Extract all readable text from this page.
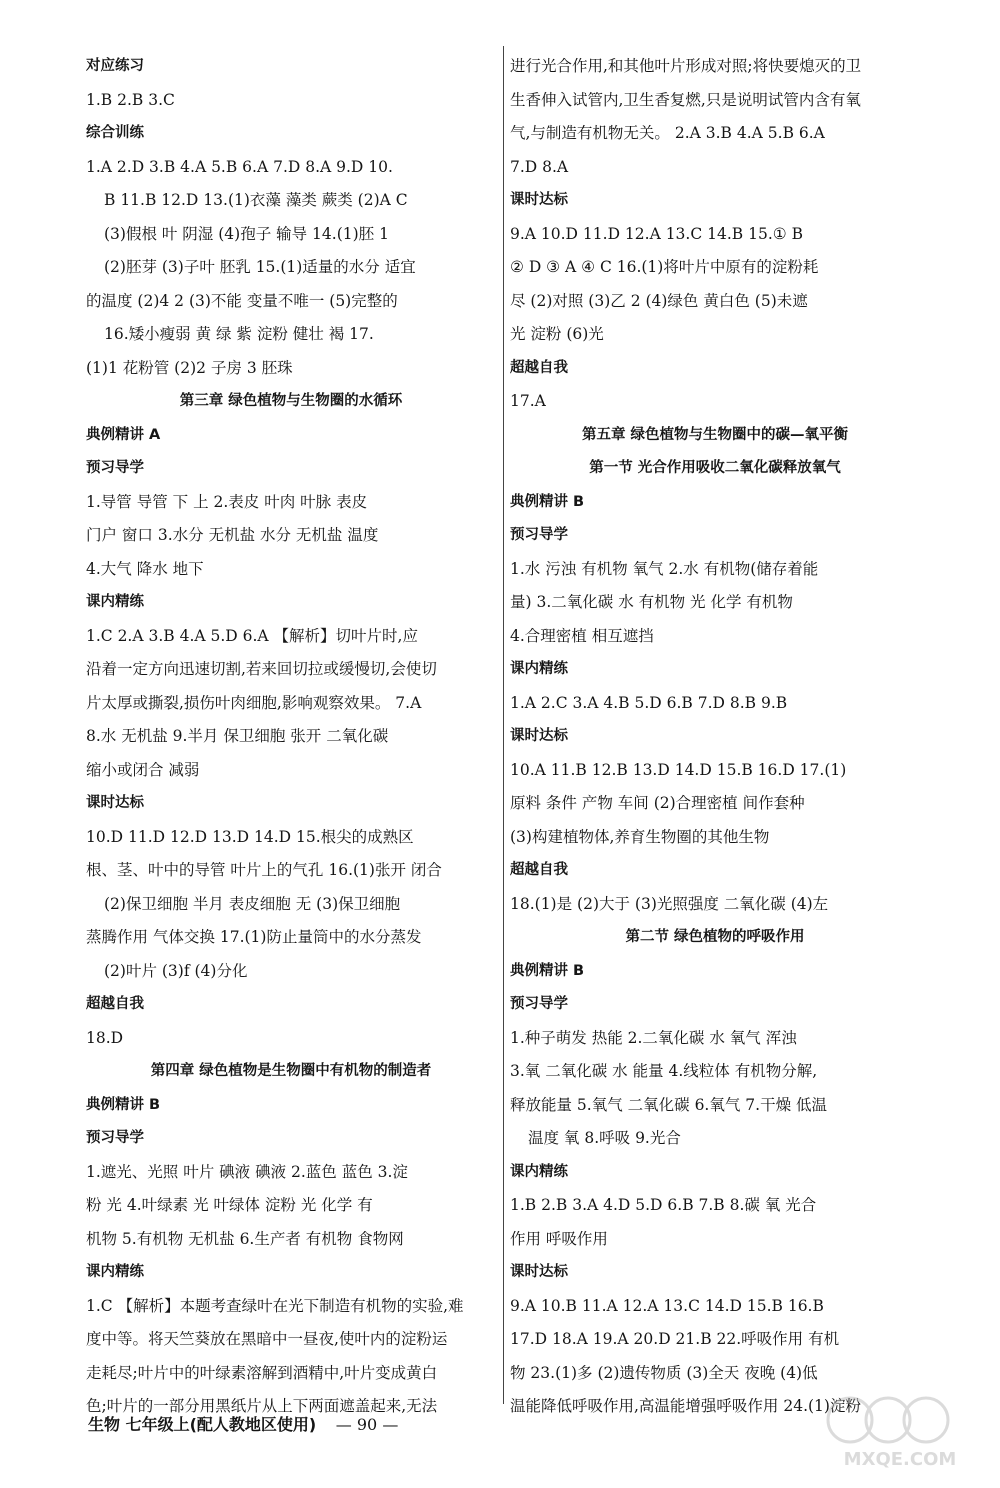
对应练习
1.B 2.B 3.C
综合训练
1.A 2.D 3.B 4.A 5.B 6.A 7.D 8.A 9.D 10.
B 11.B 12.D 13.(1)衣藻 藻类 蕨类 (2)A C
(3)假根 叶 阴湿 (4)孢子 输导 14.(1)胚 1
(2)胚芽 (3)子叶 胚乳 15.(1)适量的水分 适宜
的温度 (2)4 2 (3)不能 变量不唯一 (5)完整的
16.矮小瘦弱 黄 绿 紫 淀粉 健壮 褐 17.
(1)1 花粉管 (2)2 子房 3 胚珠
第三章 绿色植物与生物圈的水循环
典例精讲 A
预习导学
1.导管 导管 下 上 2.表皮 叶肉 叶脉 表皮
门户 窗口 3.水分 无机盐 水分 无机盐 温度
4.大气 降水 地下
课内精练
1.C 2.A 3.B 4.A 5.D 6.A 【解析】切叶片时,应
沿着一定方向迅速切割,若来回切拉或缓慢切,会使切
片太厚或撕裂,损伤叶肉细胞,影响观察效果。 7.A
8.水 无机盐 9.半月 保卫细胞 张开 二氧化碳
缩小或闭合 减弱
课时达标
10.D 11.D 12.D 13.D 14.D 15.根尖的成熟区
根、茎、叶中的导管 叶片上的气孔 16.(1)张开 闭合
(2)保卫细胞 半月 表皮细胞 无 (3)保卫细胞
蒸腾作用 气体交换 17.(1)防止量筒中的水分蒸发
(2)叶片 (3)f (4)分化
超越自我
18.D
第四章 绿色植物是生物圈中有机物的制造者
典例精讲 B
预习导学
1.遮光、光照 叶片 碘液 碘液 2.蓝色 蓝色 3.淀
粉 光 4.叶绿素 光 叶绿体 淀粉 光 化学 有
机物 5.有机物 无机盐 6.生产者 有机物 食物网
课内精练
1.C 【解析】本题考查绿叶在光下制造有机物的实验,难
度中等。将天竺葵放在黑暗中一昼夜,使叶内的淀粉运
走耗尽;叶片中的叶绿素溶解到酒精中,叶片变成黄白
色;叶片的一部分用黑纸片从上下两面遮盖起来,无法
进行光合作用,和其他叶片形成对照;将快要熄灭的卫
生香伸入试管内,卫生香复燃,只是说明试管内含有氧
气,与制造有机物无关。 2.A 3.B 4.A 5.B 6.A
7.D 8.A
课时达标
9.A 10.D 11.D 12.A 13.C 14.B 15.① B
② D ③ A ④ C 16.(1)将叶片中原有的淀粉耗
尽 (2)对照 (3)乙 2 (4)绿色 黄白色 (5)未遮
光 淀粉 (6)光
超越自我
17.A
第五章 绿色植物与生物圈中的碳—氧平衡
第一节 光合作用吸收二氧化碳释放氧气
典例精讲 B
预习导学
1.水 污浊 有机物 氧气 2.水 有机物(储存着能
量) 3.二氧化碳 水 有机物 光 化学 有机物
4.合理密植 相互遮挡
课内精练
1.A 2.C 3.A 4.B 5.D 6.B 7.D 8.B 9.B
课时达标
10.A 11.B 12.B 13.D 14.D 15.B 16.D 17.(1)
原料 条件 产物 车间 (2)合理密植 间作套种
(3)构建植物体,养育生物圈的其他生物
超越自我
18.(1)是 (2)大于 (3)光照强度 二氧化碳 (4)左
第二节 绿色植物的呼吸作用
典例精讲 B
预习导学
1.种子萌发 热能 2.二氧化碳 水 氧气 浑浊
3.氧 二氧化碳 水 能量 4.线粒体 有机物分解,
释放能量 5.氧气 二氧化碳 6.氧气 7.干燥 低温
温度 氧 8.呼吸 9.光合
课内精练
1.B 2.B 3.A 4.D 5.D 6.B 7.B 8.碳 氧 光合
作用 呼吸作用
课时达标
9.A 10.B 11.A 12.A 13.C 14.D 15.B 16.B
17.D 18.A 19.A 20.D 21.B 22.呼吸作用 有机
物 23.(1)多 (2)遗传物质 (3)全天 夜晚 (4)低
温能降低呼吸作用,高温能增强呼吸作用 24.(1)淀粉
生物 七年级上(配人教地区使用) — 90 —
MXQE.COM
